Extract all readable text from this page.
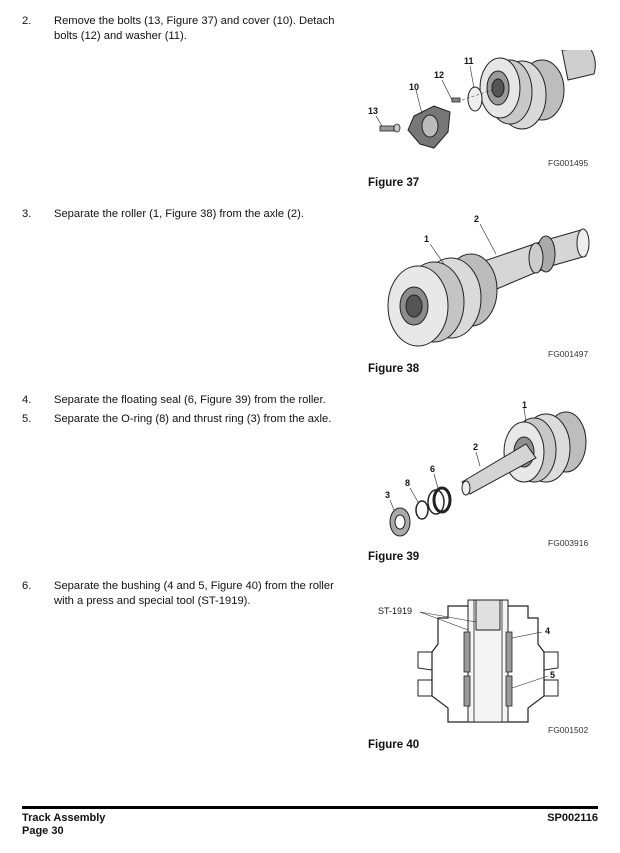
2. Remove the bolts (13, Figure 37) and cover (10). Detach
bolts (12) and washer (11).
13
10
12
11
FG001495
Figure 37
3. Separate the roller (1, Figure 38) from the axle (2).
1
2
FG001497
Figure 38
4. Separate the floating seal (6, Figure 39) from the roller.
5. Separate the O-ring (8) and thrust ring (3) from the axle.
1
2
6
8
3
FG003916
Figure 39
6. Separate the bushing (4 and 5, Figure 40) from the roller
with a press and special tool (ST-1919).
ST-1919
4
5
FG001502
Figure 40
Track Assembly
Page 30
SP002116
